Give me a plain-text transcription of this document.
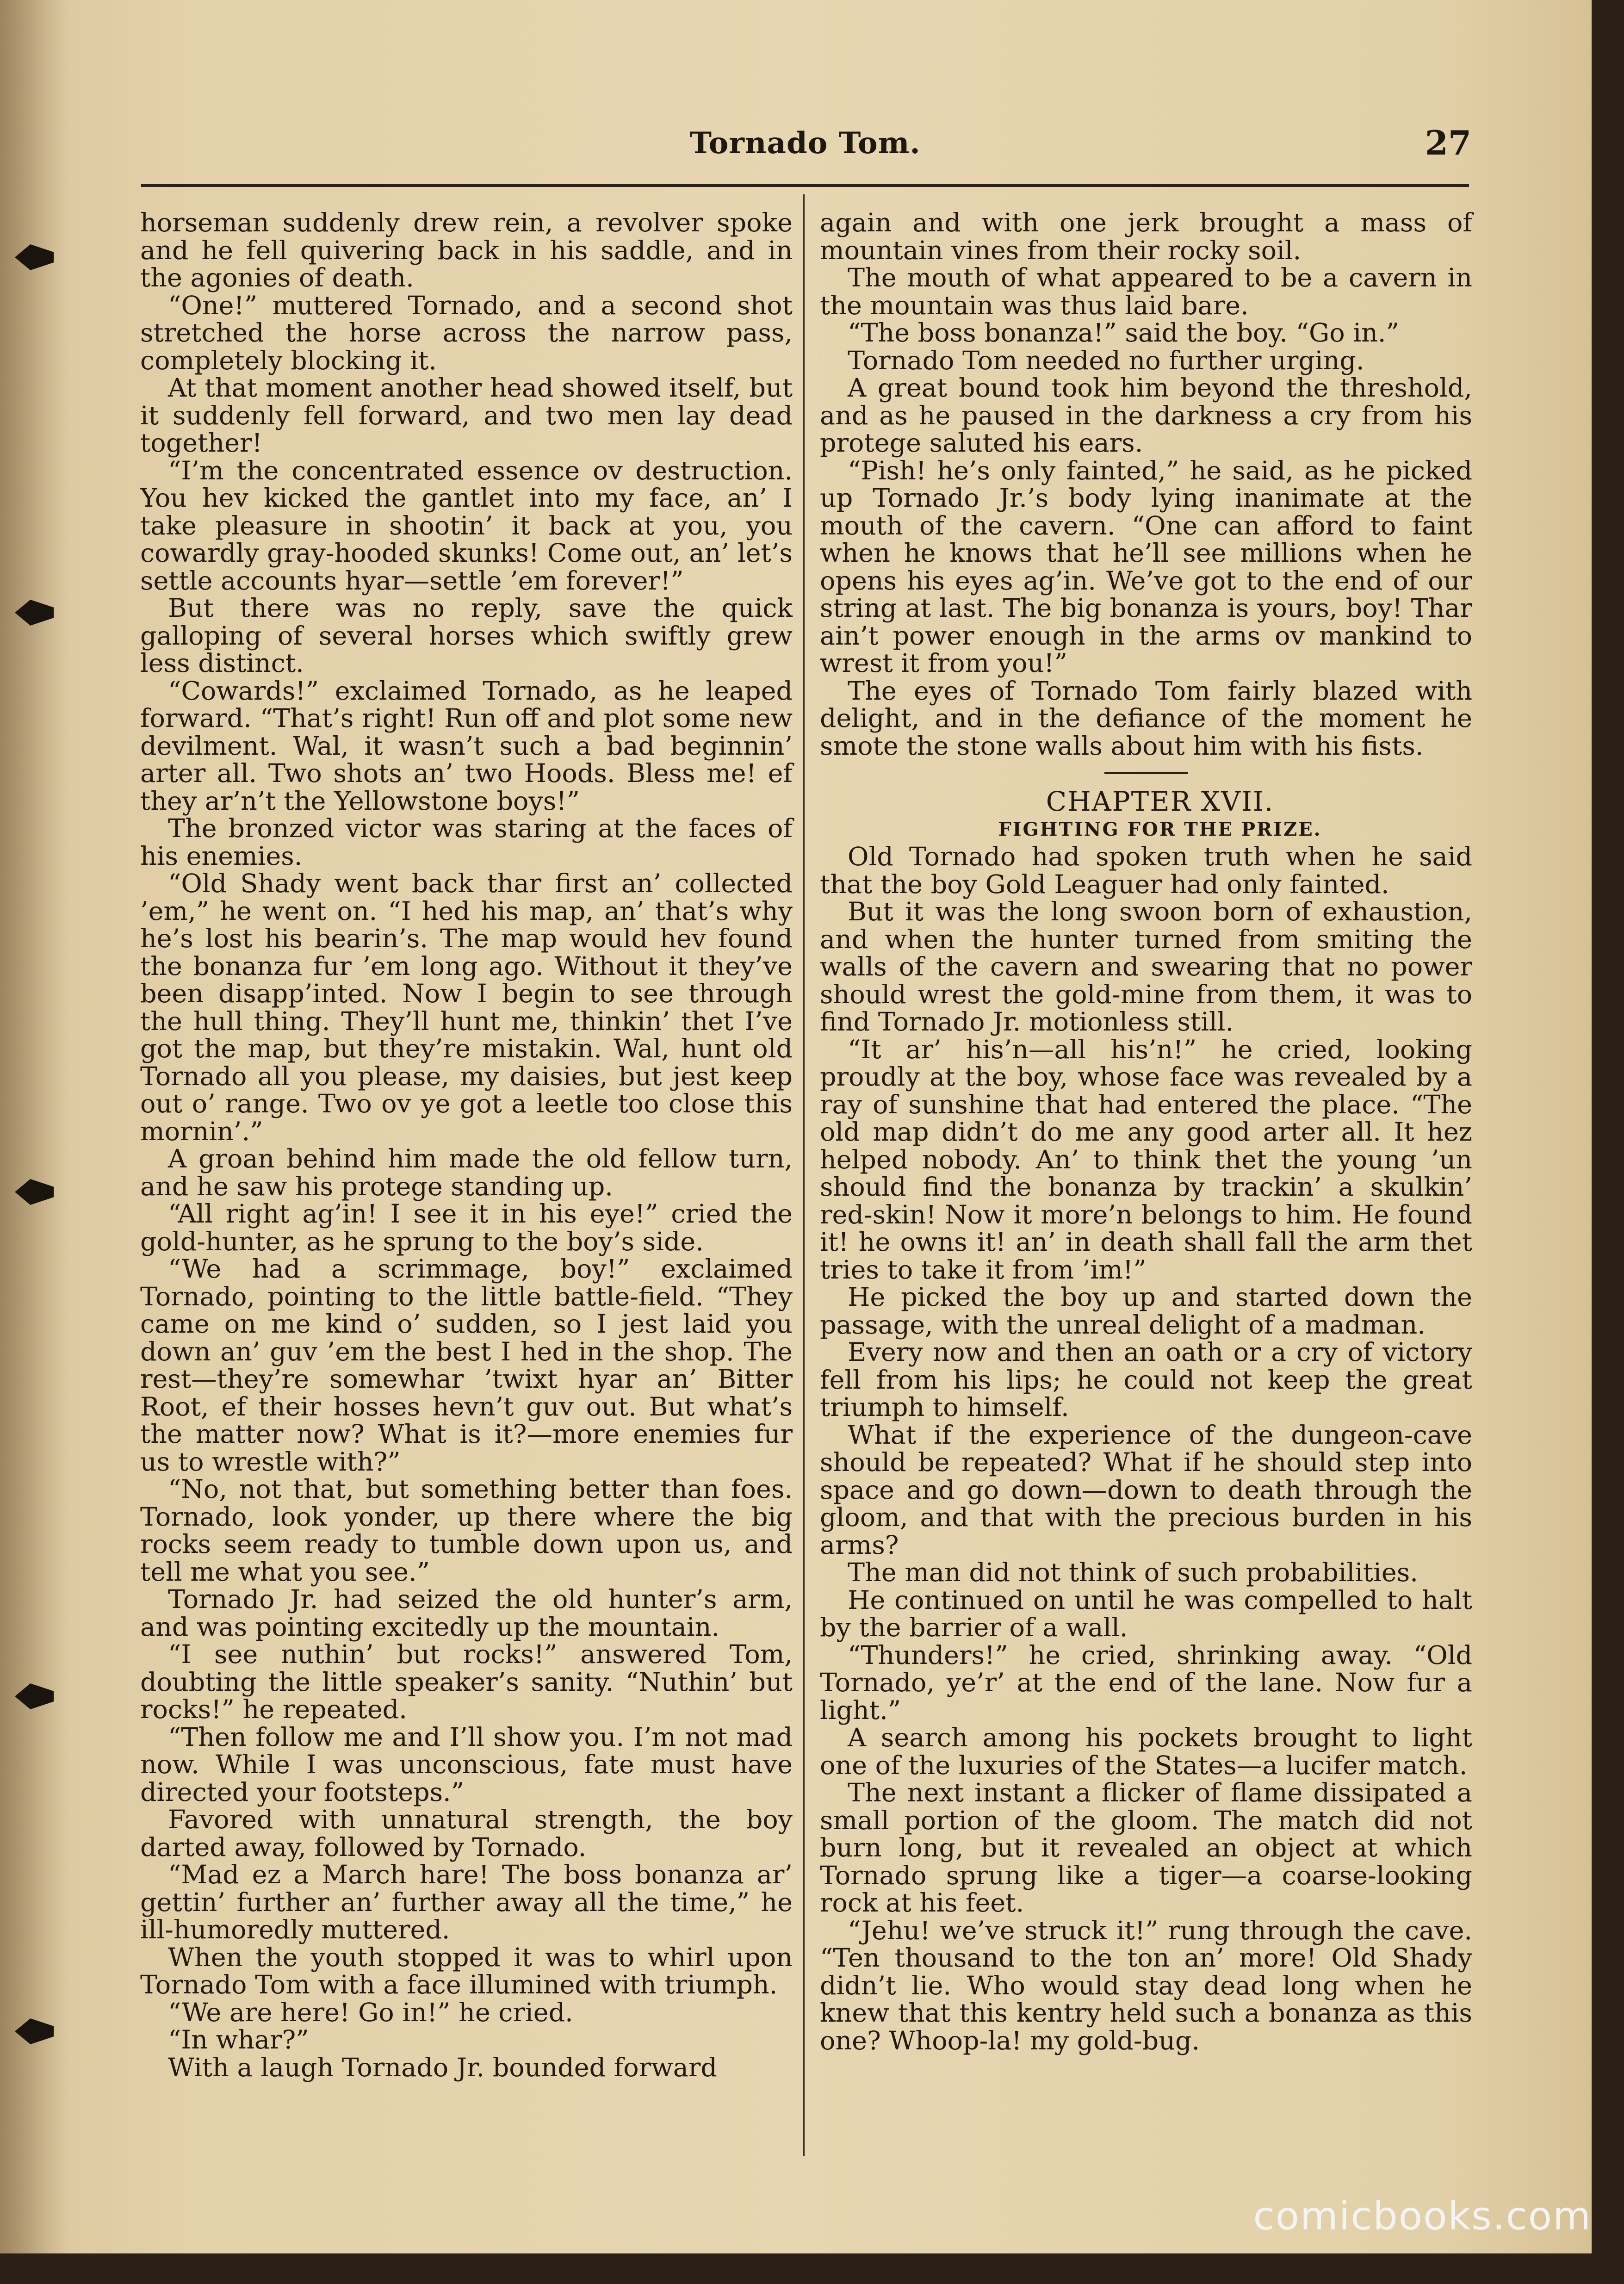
Tornado Tom.	27

horseman suddenly drew rein, a revolver spoke and he fell quivering back in his saddle, and in the agonies of death.

“One!” muttered Tornado, and a second shot stretched the horse across the narrow pass, completely blocking it.

At that moment another head showed itself, but it suddenly fell forward, and two men lay dead together!

“I’m the concentrated essence ov destruction. You hev kicked the gantlet into my face, an’ I take pleasure in shootin’ it back at you, you cowardly gray-hooded skunks! Come out, an’ let’s settle accounts hyar—settle ’em forever!”

But there was no reply, save the quick galloping of several horses which swiftly grew less distinct.

“Cowards!” exclaimed Tornado, as he leaped forward. “That’s right! Run off and plot some new devilment. Wal, it wasn’t such a bad beginnin’ arter all. Two shots an’ two Hoods. Bless me! ef they ar’n’t the Yellowstone boys!”

The bronzed victor was staring at the faces of his enemies.

“Old Shady went back thar first an’ collected ’em,” he went on. “I hed his map, an’ that’s why he’s lost his bearin’s. The map would hev found the bonanza fur ’em long ago. Without it they’ve been disapp’inted. Now I begin to see through the hull thing. They’ll hunt me, thinkin’ thet I’ve got the map, but they’re mistakin. Wal, hunt old Tornado all you please, my daisies, but jest keep out o’ range. Two ov ye got a leetle too close this mornin’.”

A groan behind him made the old fellow turn, and he saw his protege standing up.

“All right ag’in! I see it in his eye!” cried the gold-hunter, as he sprung to the boy’s side.

“We had a scrimmage, boy!” exclaimed Tornado, pointing to the little battle-field. “They came on me kind o’ sudden, so I jest laid you down an’ guv ’em the best I hed in the shop. The rest—they’re somewhar ’twixt hyar an’ Bitter Root, ef their hosses hevn’t guv out. But what’s the matter now? What is it?—more enemies fur us to wrestle with?”

“No, not that, but something better than foes. Tornado, look yonder, up there where the big rocks seem ready to tumble down upon us, and tell me what you see.”

Tornado Jr. had seized the old hunter’s arm, and was pointing excitedly up the mountain.

“I see nuthin’ but rocks!” answered Tom, doubting the little speaker’s sanity. “Nuthin’ but rocks!” he repeated.

“Then follow me and I’ll show you. I’m not mad now. While I was unconscious, fate must have directed your footsteps.”

Favored with unnatural strength, the boy darted away, followed by Tornado.

“Mad ez a March hare! The boss bonanza ar’ gettin’ further an’ further away all the time,” he ill-humoredly muttered.

When the youth stopped it was to whirl upon Tornado Tom with a face illumined with triumph.

“We are here! Go in!” he cried.

“In whar?”

With a laugh Tornado Jr. bounded forward

again and with one jerk brought a mass of mountain vines from their rocky soil.

The mouth of what appeared to be a cavern in the mountain was thus laid bare.

“The boss bonanza!” said the boy. “Go in.”

Tornado Tom needed no further urging.

A great bound took him beyond the threshold, and as he paused in the darkness a cry from his protege saluted his ears.

“Pish! he’s only fainted,” he said, as he picked up Tornado Jr.’s body lying inanimate at the mouth of the cavern. “One can afford to faint when he knows that he’ll see millions when he opens his eyes ag’in. We’ve got to the end of our string at last. The big bonanza is yours, boy! Thar ain’t power enough in the arms ov mankind to wrest it from you!”

The eyes of Tornado Tom fairly blazed with delight, and in the defiance of the moment he smote the stone walls about him with his fists.

CHAPTER XVII.

FIGHTING FOR THE PRIZE.

Old Tornado had spoken truth when he said that the boy Gold Leaguer had only fainted.

But it was the long swoon born of exhaustion, and when the hunter turned from smiting the walls of the cavern and swearing that no power should wrest the gold-mine from them, it was to find Tornado Jr. motionless still.

“It ar’ his’n—all his’n!” he cried, looking proudly at the boy, whose face was revealed by a ray of sunshine that had entered the place. “The old map didn’t do me any good arter all. It hez helped nobody. An’ to think thet the young ’un should find the bonanza by trackin’ a skulkin’ red-skin! Now it more’n belongs to him. He found it! he owns it! an’ in death shall fall the arm thet tries to take it from ’im!”

He picked the boy up and started down the passage, with the unreal delight of a madman.

Every now and then an oath or a cry of victory fell from his lips; he could not keep the great triumph to himself.

What if the experience of the dungeon-cave should be repeated? What if he should step into space and go down—down to death through the gloom, and that with the precious burden in his arms?

The man did not think of such probabilities.

He continued on until he was compelled to halt by the barrier of a wall.

“Thunders!” he cried, shrinking away. “Old Tornado, ye’r’ at the end of the lane. Now fur a light.”

A search among his pockets brought to light one of the luxuries of the States—a lucifer match.

The next instant a flicker of flame dissipated a small portion of the gloom. The match did not burn long, but it revealed an object at which Tornado sprung like a tiger—a coarse-looking rock at his feet.

“Jehu! we’ve struck it!” rung through the cave. “Ten thousand to the ton an’ more! Old Shady didn’t lie. Who would stay dead long when he knew that this kentry held such a bonanza as this one? Whoop-la! my gold-bug.

comicbooks.com
